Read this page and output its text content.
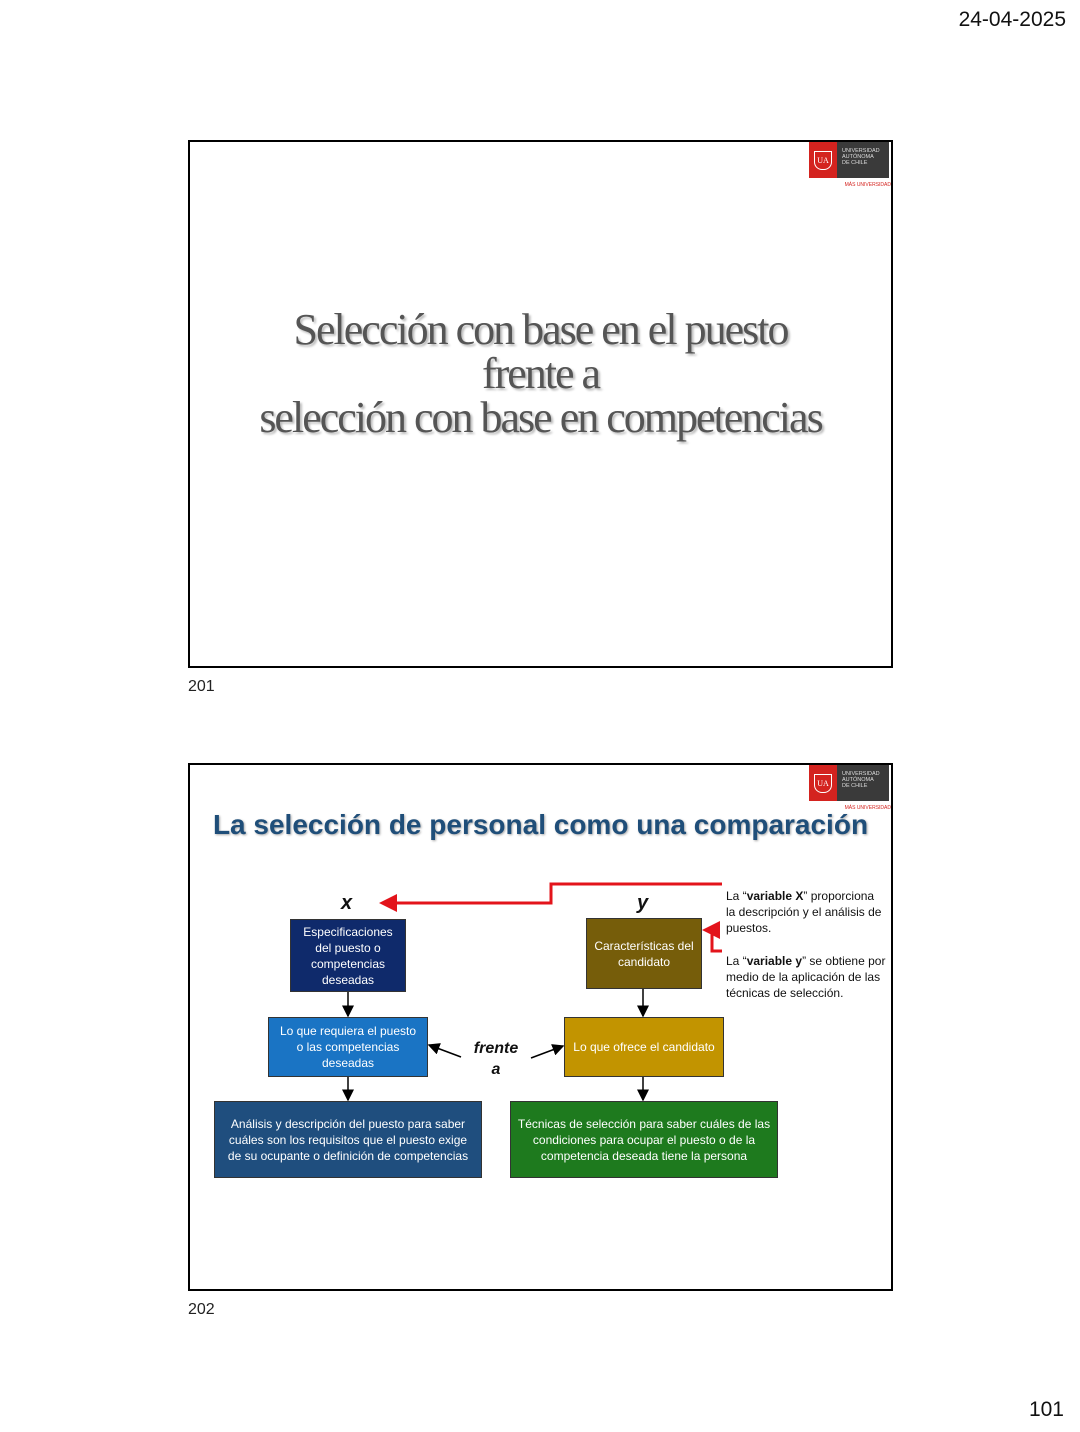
24-04-2025
UA
UNIVERSIDAD
AUTÓNOMA
DE CHILE
MÁS UNIVERSIDAD
Selección con base en el puesto
frente a
selección con base en competencias
201
UA
UNIVERSIDAD
AUTÓNOMA
DE CHILE
MÁS UNIVERSIDAD
La selección de personal como una comparación
202
x	y
Especificaciones del puesto o competencias deseadas
Lo que requiera el puesto o las competencias deseadas
Análisis y descripción del puesto para saber cuáles son los requisitos que el puesto exige de su ocupante o definición de competencias
Características del candidato
Lo que ofrece el candidato
Técnicas de selección para saber cuáles de las condiciones para ocupar el puesto o de la competencia deseada tiene la persona
frente
a
La “variable X” proporciona la descripción y el análisis de puestos.
La “variable y” se obtiene por medio de la aplicación de las técnicas de selección.
101
